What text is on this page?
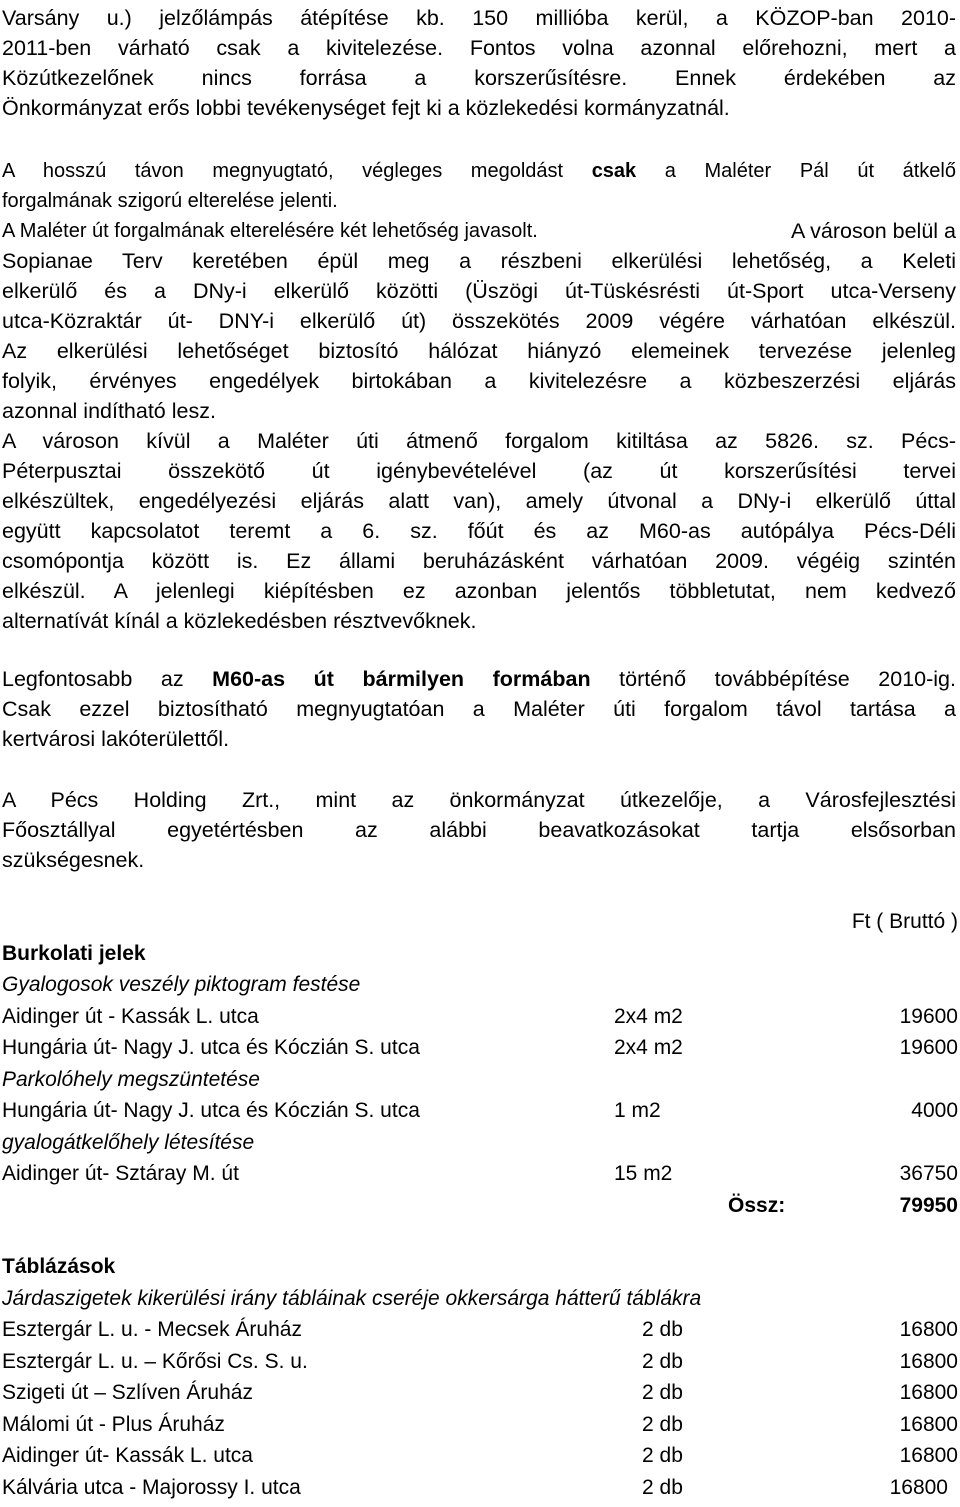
Varsány u.) jelzőlámpás átépítése kb. 150 millióba kerül, a KÖZOP-ban 2010-
2011-ben várható csak a kivitelezése. Fontos volna azonnal előrehozni, mert a
Közútkezelőnek nincs forrása a korszerűsítésre. Ennek érdekében az
Önkormányzat erős lobbi tevékenységet fejt ki a közlekedési kormányzatnál.
A hosszú távon megnyugtató, végleges megoldást csak a Maléter Pál út átkelő
forgalmának szigorú elterelése jelenti.
A Maléter út forgalmának elterelésére két lehetőség javasolt.	A városon belül a
Sopianae Terv keretében épül meg a részbeni elkerülési lehetőség, a Keleti
elkerülő és a DNy-i elkerülő közötti (Üszögi út-Tüskésrésti út-Sport utca-Verseny
utca-Közraktár út- DNY-i elkerülő út) összekötés 2009 végére várhatóan elkészül.
Az elkerülési lehetőséget biztosító hálózat hiányzó elemeinek tervezése jelenleg
folyik, érvényes engedélyek birtokában a kivitelezésre a közbeszerzési eljárás
azonnal indítható lesz.
A városon kívül a Maléter úti átmenő forgalom kitiltása az 5826. sz. Pécs-
Péterpusztai összekötő út igénybevételével (az út korszerűsítési tervei
elkészültek, engedélyezési eljárás alatt van), amely útvonal a DNy-i elkerülő úttal
együtt kapcsolatot teremt a 6. sz. főút és az M60-as autópálya Pécs-Déli
csomópontja között is. Ez állami beruházásként várhatóan 2009. végéig szintén
elkészül. A jelenlegi kiépítésben ez azonban jelentős többletutat, nem kedvező
alternatívát kínál a közlekedésben résztvevőknek.
Legfontosabb az M60-as út bármilyen formában történő továbbépítése 2010-ig.
Csak ezzel biztosítható megnyugtatóan a Maléter úti forgalom távol tartása a
kertvárosi lakóterülettől.
A Pécs Holding Zrt., mint az önkormányzat útkezelője, a Városfejlesztési
Főosztállyal egyetértésben az alábbi beavatkozásokat tartja elsősorban
szükségesnek.
Ft ( Bruttó )
Burkolati jelek
Gyalogosok veszély piktogram festése
Aidinger út - Kassák L. utca	2x4 m2	19600
Hungária út- Nagy J. utca és Kóczián S. utca	2x4 m2	19600
Parkolóhely megszüntetése
Hungária út- Nagy J. utca és Kóczián S. utca	1 m2	4000
gyalogátkelőhely létesítése
Aidinger út- Sztáray M. út	15 m2	36750
Össz:	79950
Táblázások
Járdaszigetek kikerülési irány tábláinak cseréje okkersárga hátterű táblákra
Esztergár L. u. - Mecsek Áruház	2 db	16800
Esztergár L. u. – Kőrősi Cs. S. u.	2 db	16800
Szigeti út – Szlíven Áruház	2 db	16800
Málomi út - Plus Áruház	2 db	16800
Aidinger út- Kassák L. utca	2 db	16800
Kálvária utca - Majorossy I. utca	2 db	16800
